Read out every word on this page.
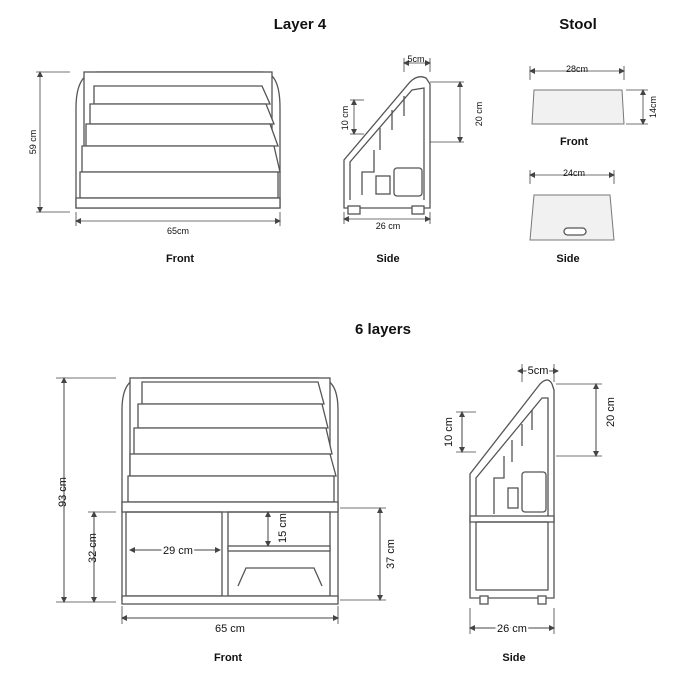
Layer 4	Stool
6 layers
59 cm
65cm
Front
5cm
10 cm	20 cm
26 cm
Side
28cm
14cm
Front
24cm
Side
93 cm
32 cm	29 cm
15 cm
37 cm
65 cm
Front
5cm
10 cm
20 cm
26 cm
Side
